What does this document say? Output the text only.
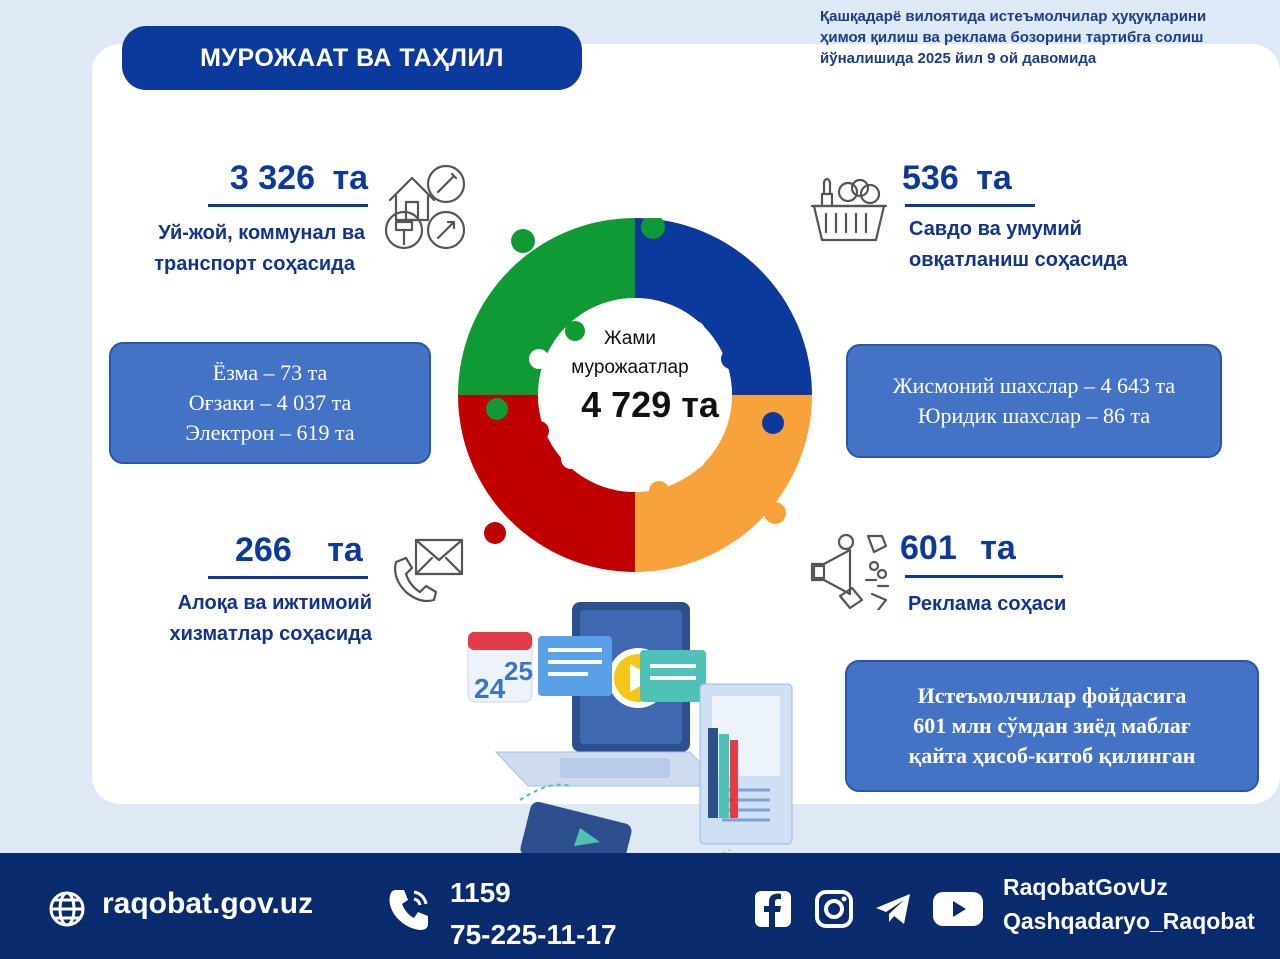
Қашқадарё вилоятида истеъмолчилар ҳуқуқларини
ҳимоя қилиш ва реклама бозорини тартибга солиш
йўналишида 2025 йил 9 ой давомида
МУРОЖААТ ВА ТАҲЛИЛ
3 326 та
Уй-жой, коммунал ва
транспорт соҳасида
536 та
Савдо ва умумий
овқатланиш соҳасида
Ёзма – 73 та
Оғзаки – 4 037 та
Электрон – 619 та
Жисмоний шахслар – 4 643 та
Юридик шахслар – 86 та
Жами
мурожаатлар
4 729 та
266 та
Алоқа ва ижтимоий
хизматлар соҳасида
601 та
Реклама соҳаси
Истеъмолчилар фойдасига
601 млн сўмдан зиёд маблағ
қайта ҳисоб-китоб қилинган
25
24
raqobat.gov.uz	1159
75-225-11-17
RaqobatGovUz
Qashqadaryo_Raqobat
